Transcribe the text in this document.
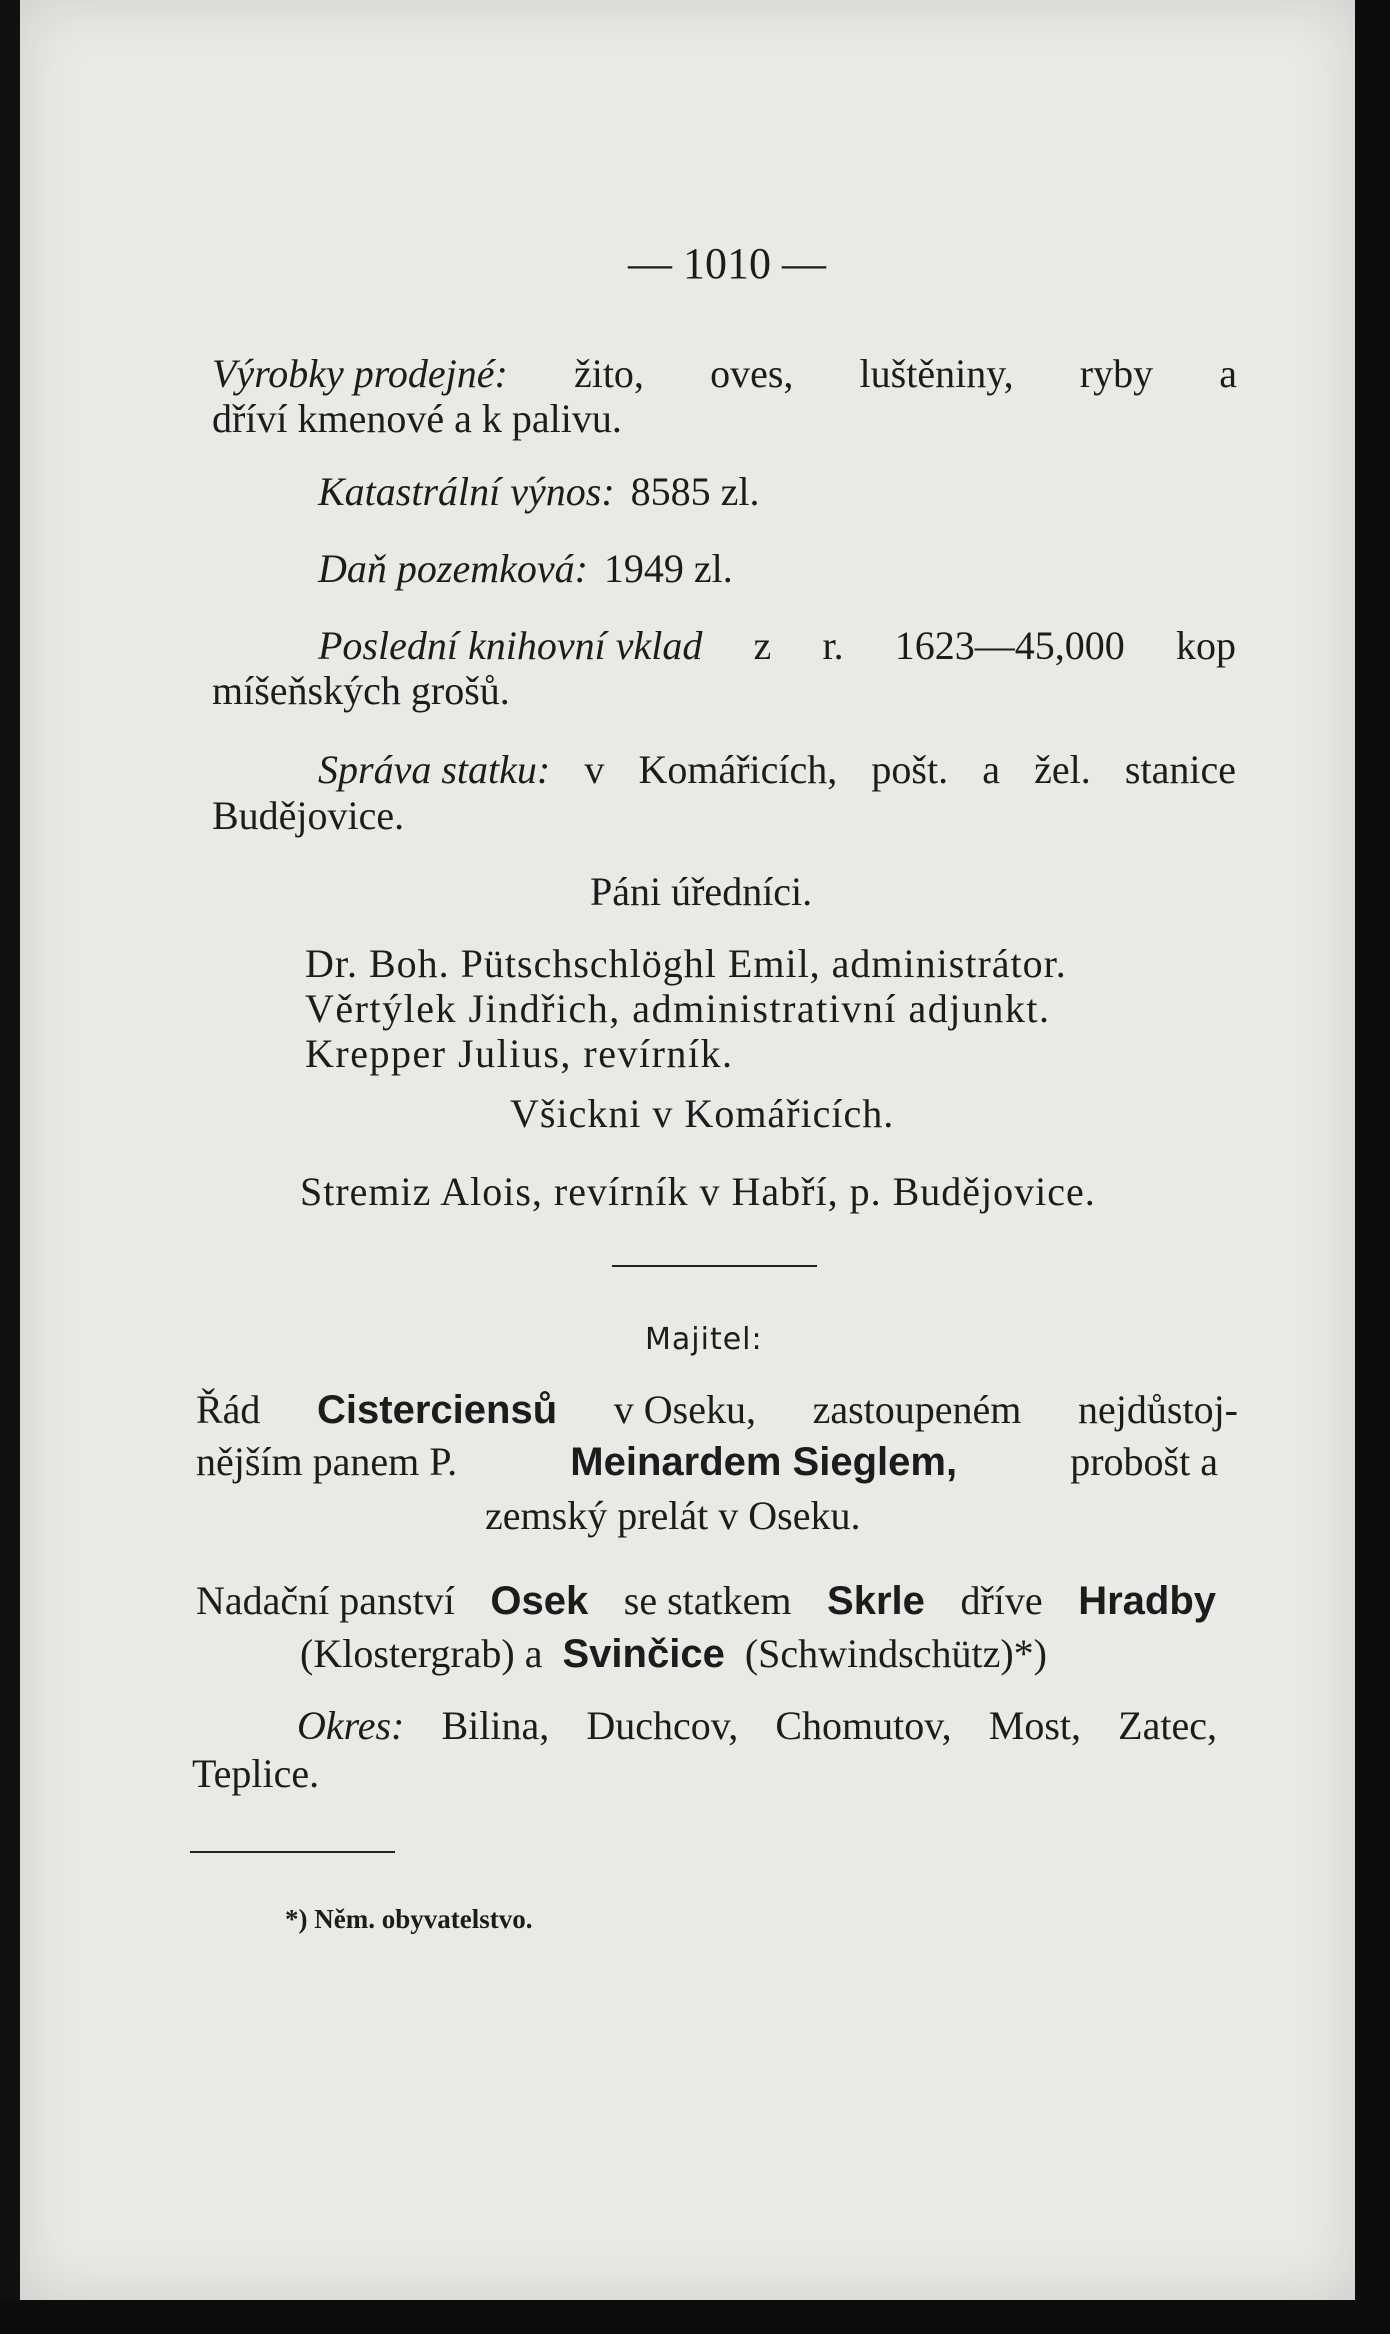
— 1010 —
Výrobky prodejné: žito, oves, luštěniny, ryby a
dříví kmenové a k palivu.
Katastrální výnos: 8585 zl.
Daň pozemková: 1949 zl.
Poslední knihovní vklad z r. 1623—45,000 kop
míšeňských grošů.
Správa statku: v Komářicích, pošt. a žel. stanice
Budějovice.
Páni úředníci.
Dr. Boh. Pütschschlöghl Emil, administrátor.
Věrtýlek Jindřich, administrativní adjunkt.
Krepper Julius, revírník.
Všickni v Komářicích.
Stremiz Alois, revírník v Habří, p. Budějovice.
Majitel:
Řád Cisterciensů v Oseku, zastoupeném nejdůstoj-
nějším panem P.	Meinardem Sieglem,	probošt a
zemský prelát v Oseku.
Nadační panství Osek se statkem Skrle dříve Hradby
(Klostergrab) a Svinčice (Schwindschütz)*)
Okres: Bilina, Duchcov, Chomutov, Most, Zatec,
Teplice.
*) Něm. obyvatelstvo.
